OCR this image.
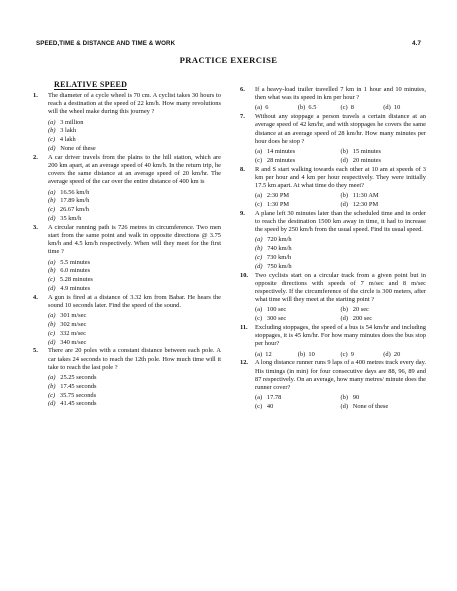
SPEED,TIME & DISTANCE AND TIME & WORK	4.7
PRACTICE EXERCISE
RELATIVE SPEED
1. The diameter of a cycle wheel is 70 cm. A cyclist takes 30 hours to reach a destination at the speed of 22 km/h. How many revolutions will the wheel make during this journey ?
(a) 3 million
(b) 3 lakh
(c) 4 lakh
(d) None of these
2. A car driver travels from the plains to the hill station, which are 200 km apart, at an average speed of 40 km/h. In the return trip, he covers the same distance at an average speed of 20 km/hr. The average speed of the car over the entire distance of 400 km is
(a) 16.56 km/h
(b) 17.89 km/h
(c) 26.67 km/h
(d) 35 km/h
3. A circular running path is 726 metres in circumference. Two men start from the same point and walk in opposite directions @ 3.75 km/h and 4.5 km/h respectively. When will they meet for the first time ?
(a) 5.5 minutes
(b) 6.0 minutes
(c) 5.28 minutes
(d) 4.9 minutes
4. A gun is fired at a distance of 3.32 km from Babar. He hears the sound 10 seconds later. Find the speed of the sound.
(a) 301 m/sec
(b) 302 m/sec
(c) 332 m/sec
(d) 340 m/sec
5. There are 20 poles with a constant distance between each pole. A car takes 24 seconds to reach the 12th pole. How much time will it take to reach the last pole ?
(a) 25.25 seconds
(b) 17.45 seconds
(c) 35.75 seconds
(d) 41.45 seconds
6. If a heavy-load trailer travelled 7 km in 1 hour and 10 minutes, then what was its speed in km per hour ?
(a) 6	(b) 6.5	(c) 8	(d) 10
7. Without any stoppage a person travels a certain distance at an average speed of 42 km/hr, and with stoppages he covers the same distance at an average speed of 28 km/hr. How many minutes per hour does he stop ?
(a) 14 minutes	(b) 15 minutes
(c) 28 minutes	(d) 20 minutes
8. R and S start walking towards each other at 10 am at speeds of 3 km per hour and 4 km per hour respectively. They were initially 17.5 km apart. At what time do they meet?
(a) 2:30 PM	(b) 11:30 AM
(c) 1:30 PM	(d) 12:30 PM
9. A plane left 30 minutes later than the scheduled time and in order to reach the destination 1500 km away in time, it had to increase the speed by 250 km/h from the usual speed. Find its usual speed.
(a) 720 km/h
(b) 740 km/h
(c) 730 km/h
(d) 750 km/h
10. Two cyclists start on a circular track from a given point but in opposite directions with speeds of 7 m/sec and 8 m/sec respectively. If the circumference of the circle is 300 meters, after what time will they meet at the starting point ?
(a) 100 sec	(b) 20 sec
(c) 300 sec	(d) 200 sec
11. Excluding stoppages, the speed of a bus is 54 km/hr and including stoppages, it is 45 km/hr. For how many minutes does the bus stop per hour?
(a) 12	(b) 10	(c) 9	(d) 20
12. A long distance runner runs 9 laps of a 400 metres track every day. His timings (in min) for four consecutive days are 88, 96, 89 and 87 respectively. On an average, how many metres/ minute does the runner cover?
(a) 17.78	(b) 90
(c) 40	(d) None of these
